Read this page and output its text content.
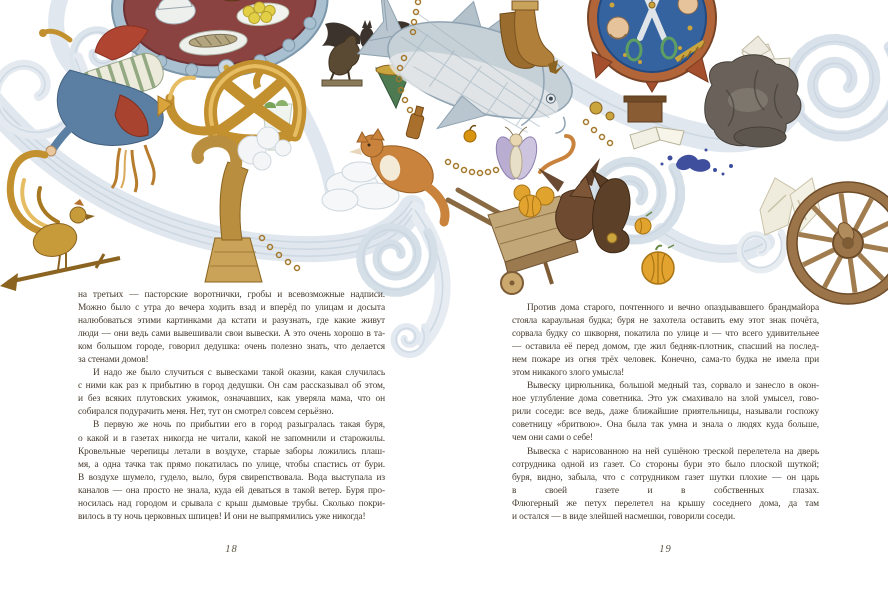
на третьих — пасторские воротнички, гробы и всевозможные надписи.
Можно было с утра до вечера ходить взад и вперёд по улицам и досыта
налюбоваться этими картинками да кстати и разузнать, где какие живут
люди — они ведь сами вывешивали свои вывески. А это очень хорошо в та-
ком большом городе, говорил дедушка: очень полезно знать, что делается
за стенами домов!
И надо же было случиться с вывесками такой оказии, какая случилась
с ними как раз к прибытию в город дедушки. Он сам рассказывал об этом,
и без всяких плутовских ужимок, означавших, как уверяла мама, что он
собирался подурачить меня. Нет, тут он смотрел совсем серьёзно.
В первую же ночь по прибытии его в город разыгралась такая буря,
о какой и в газетах никогда не читали, какой не запомнили и старожилы.
Кровельные черепицы летали в воздухе, старые заборы ложились плаш-
мя, а одна тачка так прямо покатилась по улице, чтобы спастись от бури.
В воздухе шумело, гудело, выло, буря свирепствовала. Вода выступала из
каналов — она просто не знала, куда ей деваться в такой ветер. Буря про-
носилась над городом и срывала с крыш дымовые трубы. Сколько покри-
вилось в ту ночь церковных шпицев! И они не выпрямились уже никогда!
Против дома старого, почтенного и вечно опаздывавшего брандмайора
стояла караульная будка; буря не захотела оставить ему этот знак почёта,
сорвала будку со шкворня, покатила по улице и — что всего удивительнее
— оставила её перед домом, где жил бедняк-плотник, спасший на послед-
нем пожаре из огня трёх человек. Конечно, сама-то будка не имела при
этом никакого злого умысла!
Вывеску цирюльника, большой медный таз, сорвало и занесло в окон-
ное углубление дома советника. Это уж смахивало на злой умысел, гово-
рили соседи: все ведь, даже ближайшие приятельницы, называли госпожу
советницу «бритвою». Она была так умна и знала о людях куда больше,
чем они сами о себе!
Вывеска с нарисованною на ней сушёною треской перелетела на дверь
сотрудника одной из газет. Со стороны бури это было плоской шуткой;
буря, видно, забыла, что с сотрудником газет шутки плохие — он царь
в своей газете и в собственных глазах.
Флюгерный же петух перелетел на крышу соседнего дома, да там
и остался — в виде злейшей насмешки, говорили соседи.
18	19
